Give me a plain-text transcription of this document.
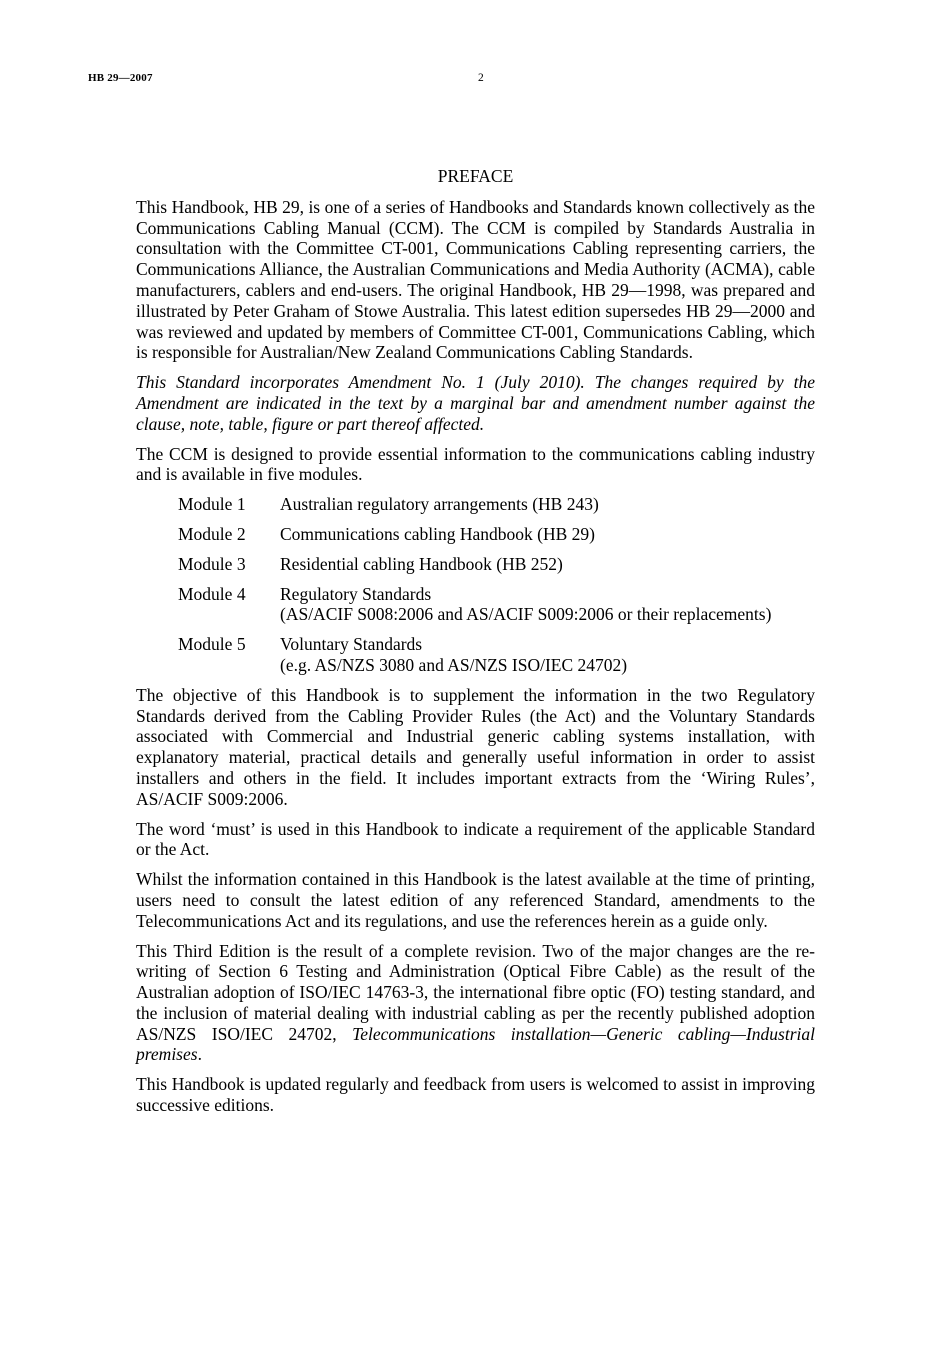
HB 29—2007	2
PREFACE

This Handbook, HB 29, is one of a series of Handbooks and Standards known collectively as the Communications Cabling Manual (CCM). The CCM is compiled by Standards Australia in consultation with the Committee CT-001, Communications Cabling representing carriers, the Communications Alliance, the Australian Communications and Media Authority (ACMA), cable manufacturers, cablers and end-users. The original Handbook, HB 29—1998, was prepared and illustrated by Peter Graham of Stowe Australia. This latest edition supersedes HB 29—2000 and was reviewed and updated by members of Committee CT-001, Communications Cabling, which is responsible for Australian/New Zealand Communications Cabling Standards.

This Standard incorporates Amendment No. 1 (July 2010). The changes required by the Amendment are indicated in the text by a marginal bar and amendment number against the clause, note, table, figure or part thereof affected.

The CCM is designed to provide essential information to the communications cabling industry and is available in five modules.

Module 1	Australian regulatory arrangements (HB 243)
Module 2	Communications cabling Handbook (HB 29)
Module 3	Residential cabling Handbook (HB 252)
Module 4	Regulatory Standards
(AS/ACIF S008:2006 and AS/ACIF S009:2006 or their replacements)
Module 5	Voluntary Standards
(e.g. AS/NZS 3080 and AS/NZS ISO/IEC 24702)

The objective of this Handbook is to supplement the information in the two Regulatory Standards derived from the Cabling Provider Rules (the Act) and the Voluntary Standards associated with Commercial and Industrial generic cabling systems installation, with explanatory material, practical details and generally useful information in order to assist installers and others in the field. It includes important extracts from the ‘Wiring Rules’, AS/ACIF S009:2006.

The word ‘must’ is used in this Handbook to indicate a requirement of the applicable Standard or the Act.

Whilst the information contained in this Handbook is the latest available at the time of printing, users need to consult the latest edition of any referenced Standard, amendments to the Telecommunications Act and its regulations, and use the references herein as a guide only.

This Third Edition is the result of a complete revision. Two of the major changes are the re-writing of Section 6 Testing and Administration (Optical Fibre Cable) as the result of the Australian adoption of ISO/IEC 14763-3, the international fibre optic (FO) testing standard, and the inclusion of material dealing with industrial cabling as per the recently published adoption AS/NZS ISO/IEC 24702, Telecommunications installation—Generic cabling—Industrial premises.

This Handbook is updated regularly and feedback from users is welcomed to assist in improving successive editions.
